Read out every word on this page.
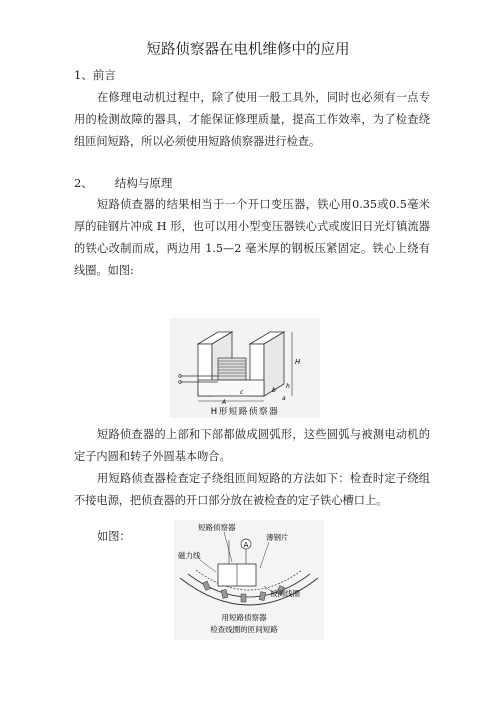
短路侦察器在电机维修中的应用
1、前言
在修理电动机过程中，除了使用一般工具外，同时也必须有一点专用的检测故障的器具，才能保证修理质量，提高工作效率，为了检查绕组匝间短路，所以必须使用短路侦察器进行检查。
2、 结构与原理
短路侦查器的结果相当于一个开口变压器，铁心用0.35或0.5毫米厚的硅钢片冲成 H 形，也可以用小型变压器铁心式或废旧日光灯镇流器的铁心改制而成，两边用 1.5—2 毫米厚的钢板压紧固定。铁心上绕有线圈。如图:
H
c	b
h
a
A
H形短路侦察器
短路侦查器的上部和下部都做成圆弧形，这些圆弧与被测电动机的定子内圆和转子外圆基本吻合。
用短路侦查器检查定子绕组匝间短路的方法如下：检查时定子绕组不接电源，把侦查器的开口部分放在被检查的定子铁心槽口上。
如图：
A
短路侦察器
薄钢片
磁力线
被测线圈
用短路侦察器
检查线圈的匝间短路
